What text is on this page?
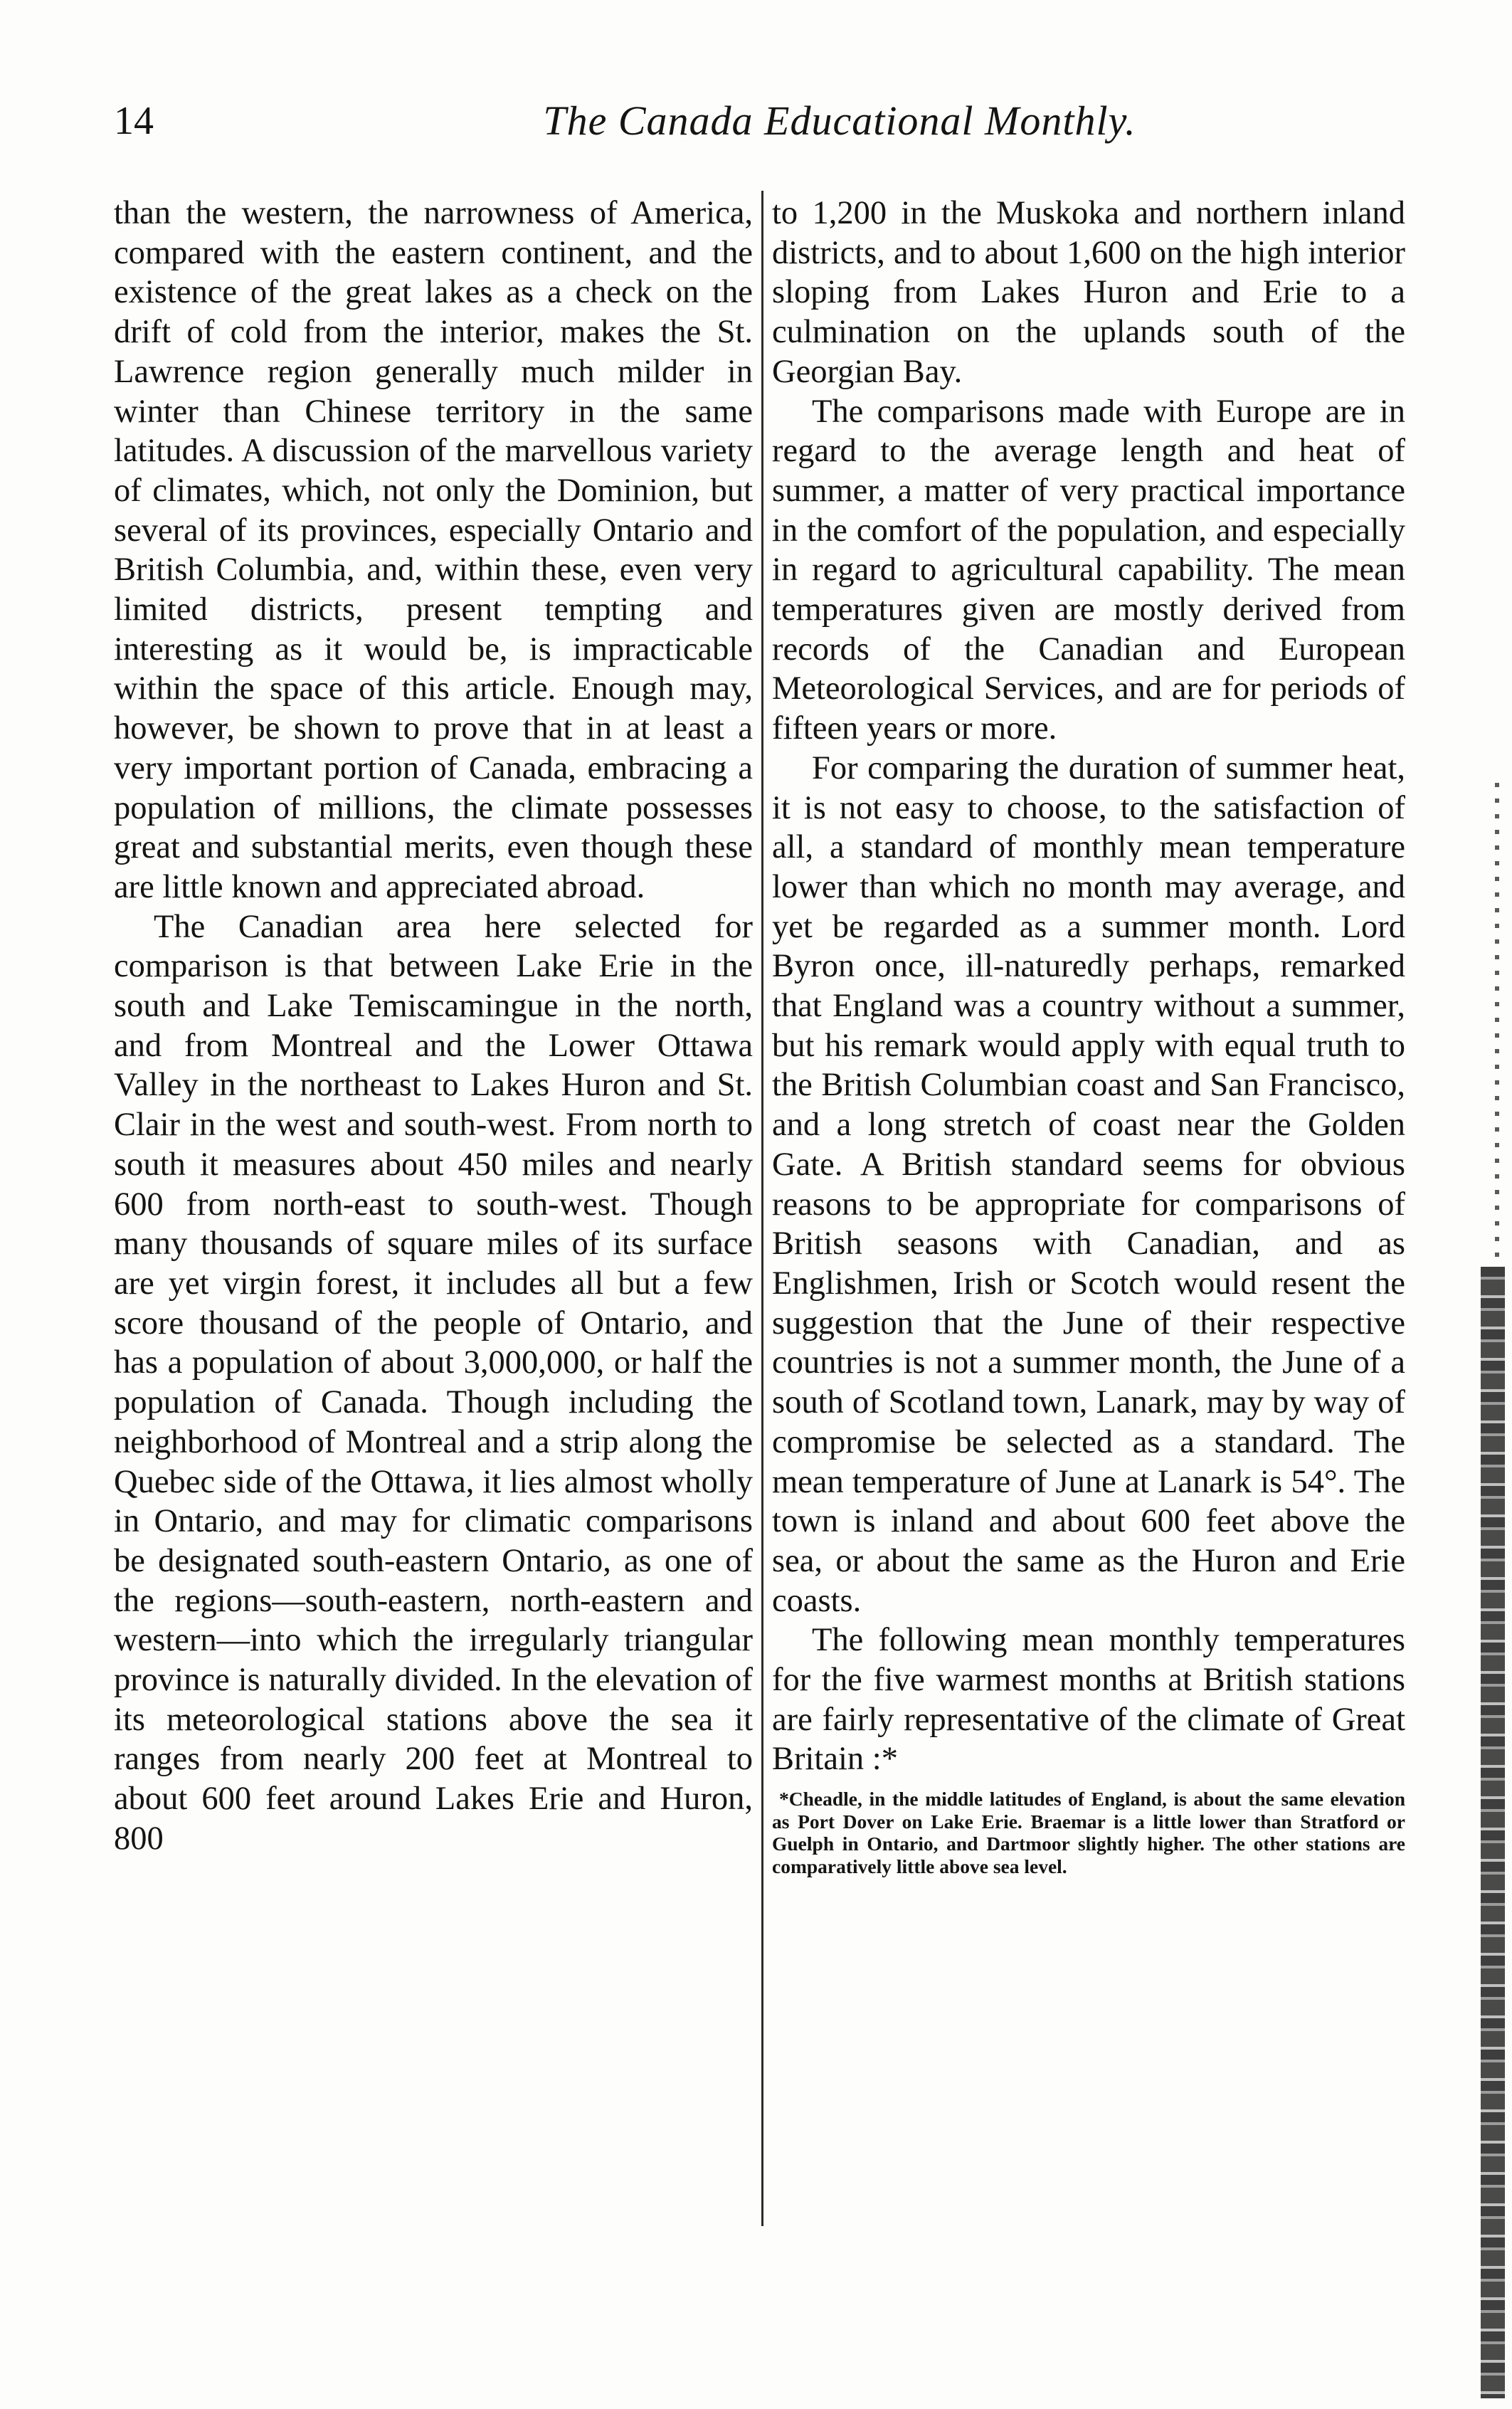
14	The Canada Educational Monthly.

than the western, the narrowness of America, compared with the eastern continent, and the existence of the great lakes as a check on the drift of cold from the interior, makes the St. Lawrence region generally much milder in winter than Chinese territory in the same latitudes. A discussion of the marvellous variety of climates, which, not only the Dominion, but several of its provinces, especially Ontario and British Columbia, and, within these, even very limited districts, present tempting and interesting as it would be, is impracticable within the space of this article. Enough may, however, be shown to prove that in at least a very important portion of Canada, embracing a population of millions, the climate possesses great and substantial merits, even though these are little known and appreciated abroad.

The Canadian area here selected for comparison is that between Lake Erie in the south and Lake Temiscamingue in the north, and from Montreal and the Lower Ottawa Valley in the northeast to Lakes Huron and St. Clair in the west and south-west. From north to south it measures about 450 miles and nearly 600 from north-east to south-west. Though many thousands of square miles of its surface are yet virgin forest, it includes all but a few score thousand of the people of Ontario, and has a population of about 3,000,000, or half the population of Canada. Though including the neighborhood of Montreal and a strip along the Quebec side of the Ottawa, it lies almost wholly in Ontario, and may for climatic comparisons be designated south-eastern Ontario, as one of the regions—south-eastern, north-eastern and western—into which the irregularly triangular province is naturally divided. In the elevation of its meteorological stations above the sea it ranges from nearly 200 feet at Montreal to about 600 feet around Lakes Erie and Huron, 800

to 1,200 in the Muskoka and northern inland districts, and to about 1,600 on the high interior sloping from Lakes Huron and Erie to a culmination on the uplands south of the Georgian Bay.

The comparisons made with Europe are in regard to the average length and heat of summer, a matter of very practical importance in the comfort of the population, and especially in regard to agricultural capability. The mean temperatures given are mostly derived from records of the Canadian and European Meteorological Services, and are for periods of fifteen years or more.

For comparing the duration of summer heat, it is not easy to choose, to the satisfaction of all, a standard of monthly mean temperature lower than which no month may average, and yet be regarded as a summer month. Lord Byron once, ill-naturedly perhaps, remarked that England was a country without a summer, but his remark would apply with equal truth to the British Columbian coast and San Francisco, and a long stretch of coast near the Golden Gate. A British standard seems for obvious reasons to be appropriate for comparisons of British seasons with Canadian, and as Englishmen, Irish or Scotch would resent the suggestion that the June of their respective countries is not a summer month, the June of a south of Scotland town, Lanark, may by way of compromise be selected as a standard. The mean temperature of June at Lanark is 54°. The town is inland and about 600 feet above the sea, or about the same as the Huron and Erie coasts.

The following mean monthly temperatures for the five warmest months at British stations are fairly representative of the climate of Great Britain :*

*Cheadle, in the middle latitudes of England, is about the same elevation as Port Dover on Lake Erie. Braemar is a little lower than Stratford or Guelph in Ontario, and Dartmoor slightly higher. The other stations are comparatively little above sea level.
